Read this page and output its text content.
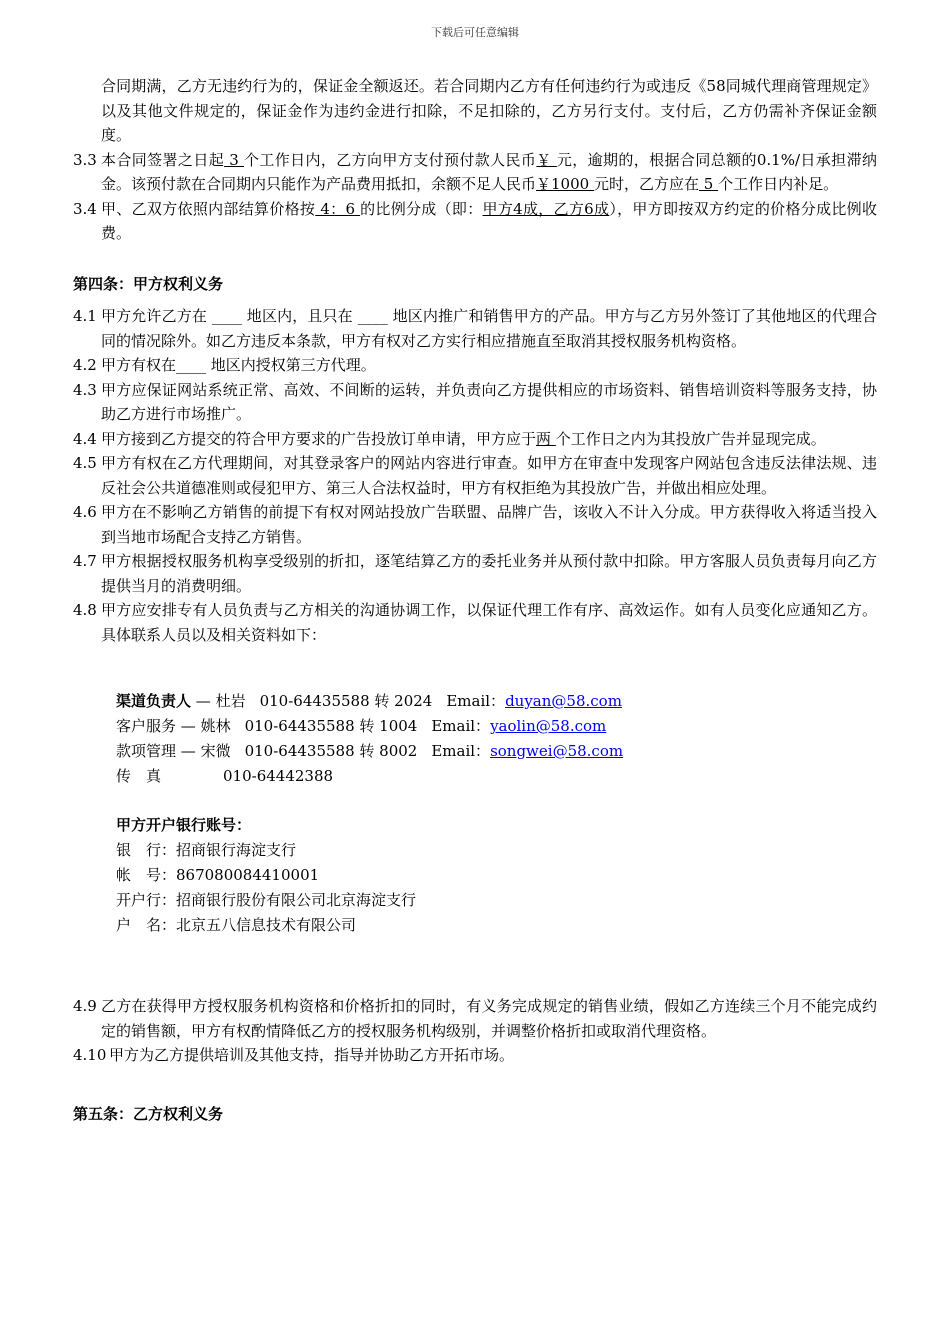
下载后可任意编辑
合同期满，乙方无违约行为的，保证金全额返还。若合同期内乙方有任何违约行为或违反《58同城代理商管理规定》以及其他文件规定的，保证金作为违约金进行扣除，不足扣除的，乙方另行支付。支付后，乙方仍需补齐保证金额度。
3.3 本合同签署之日起 3 个工作日内，乙方向甲方支付预付款人民币￥ 元，逾期的，根据合同总额的0.1%/日承担滞纳金。该预付款在合同期内只能作为产品费用抵扣，余额不足人民币￥1000 元时，乙方应在 5 个工作日内补足。
3.4 甲、乙双方依照内部结算价格按 4：6 的比例分成（即：甲方4成，乙方6成），甲方即按双方约定的价格分成比例收费。
第四条：甲方权利义务
4.1 甲方允许乙方在 ____ 地区内，且只在 ____ 地区内推广和销售甲方的产品。甲方与乙方另外签订了其他地区的代理合同的情况除外。如乙方违反本条款，甲方有权对乙方实行相应措施直至取消其授权服务机构资格。
4.2 甲方有权在____ 地区内授权第三方代理。
4.3 甲方应保证网站系统正常、高效、不间断的运转，并负责向乙方提供相应的市场资料、销售培训资料等服务支持，协助乙方进行市场推广。
4.4 甲方接到乙方提交的符合甲方要求的广告投放订单申请，甲方应于两 个工作日之内为其投放广告并显现完成。
4.5 甲方有权在乙方代理期间，对其登录客户的网站内容进行审查。如甲方在审查中发现客户网站包含违反法律法规、违反社会公共道德准则或侵犯甲方、第三人合法权益时，甲方有权拒绝为其投放广告，并做出相应处理。
4.6 甲方在不影响乙方销售的前提下有权对网站投放广告联盟、品牌广告，该收入不计入分成。甲方获得收入将适当投入到当地市场配合支持乙方销售。
4.7 甲方根据授权服务机构享受级别的折扣，逐笔结算乙方的委托业务并从预付款中扣除。甲方客服人员负责每月向乙方提供当月的消费明细。
4.8 甲方应安排专有人员负责与乙方相关的沟通协调工作，以保证代理工作有序、高效运作。如有人员变化应通知乙方。具体联系人员以及相关资料如下：
渠道负责人 — 杜岩 010-64435588 转 2024 Email：duyan@58.com
客户服务 — 姚林 010-64435588 转 1004 Email：yaolin@58.com
款项管理 — 宋微 010-64435588 转 8002 Email：songwei@58.com
传　真	010-64442388
甲方开户银行账号：
银　行：招商银行海淀支行
帐　号：867080084410001
开户行：招商银行股份有限公司北京海淀支行
户　名：北京五八信息技术有限公司
4.9 乙方在获得甲方授权服务机构资格和价格折扣的同时，有义务完成规定的销售业绩，假如乙方连续三个月不能完成约定的销售额，甲方有权酌情降低乙方的授权服务机构级别，并调整价格折扣或取消代理资格。
4.10 甲方为乙方提供培训及其他支持，指导并协助乙方开拓市场。
第五条：乙方权利义务
